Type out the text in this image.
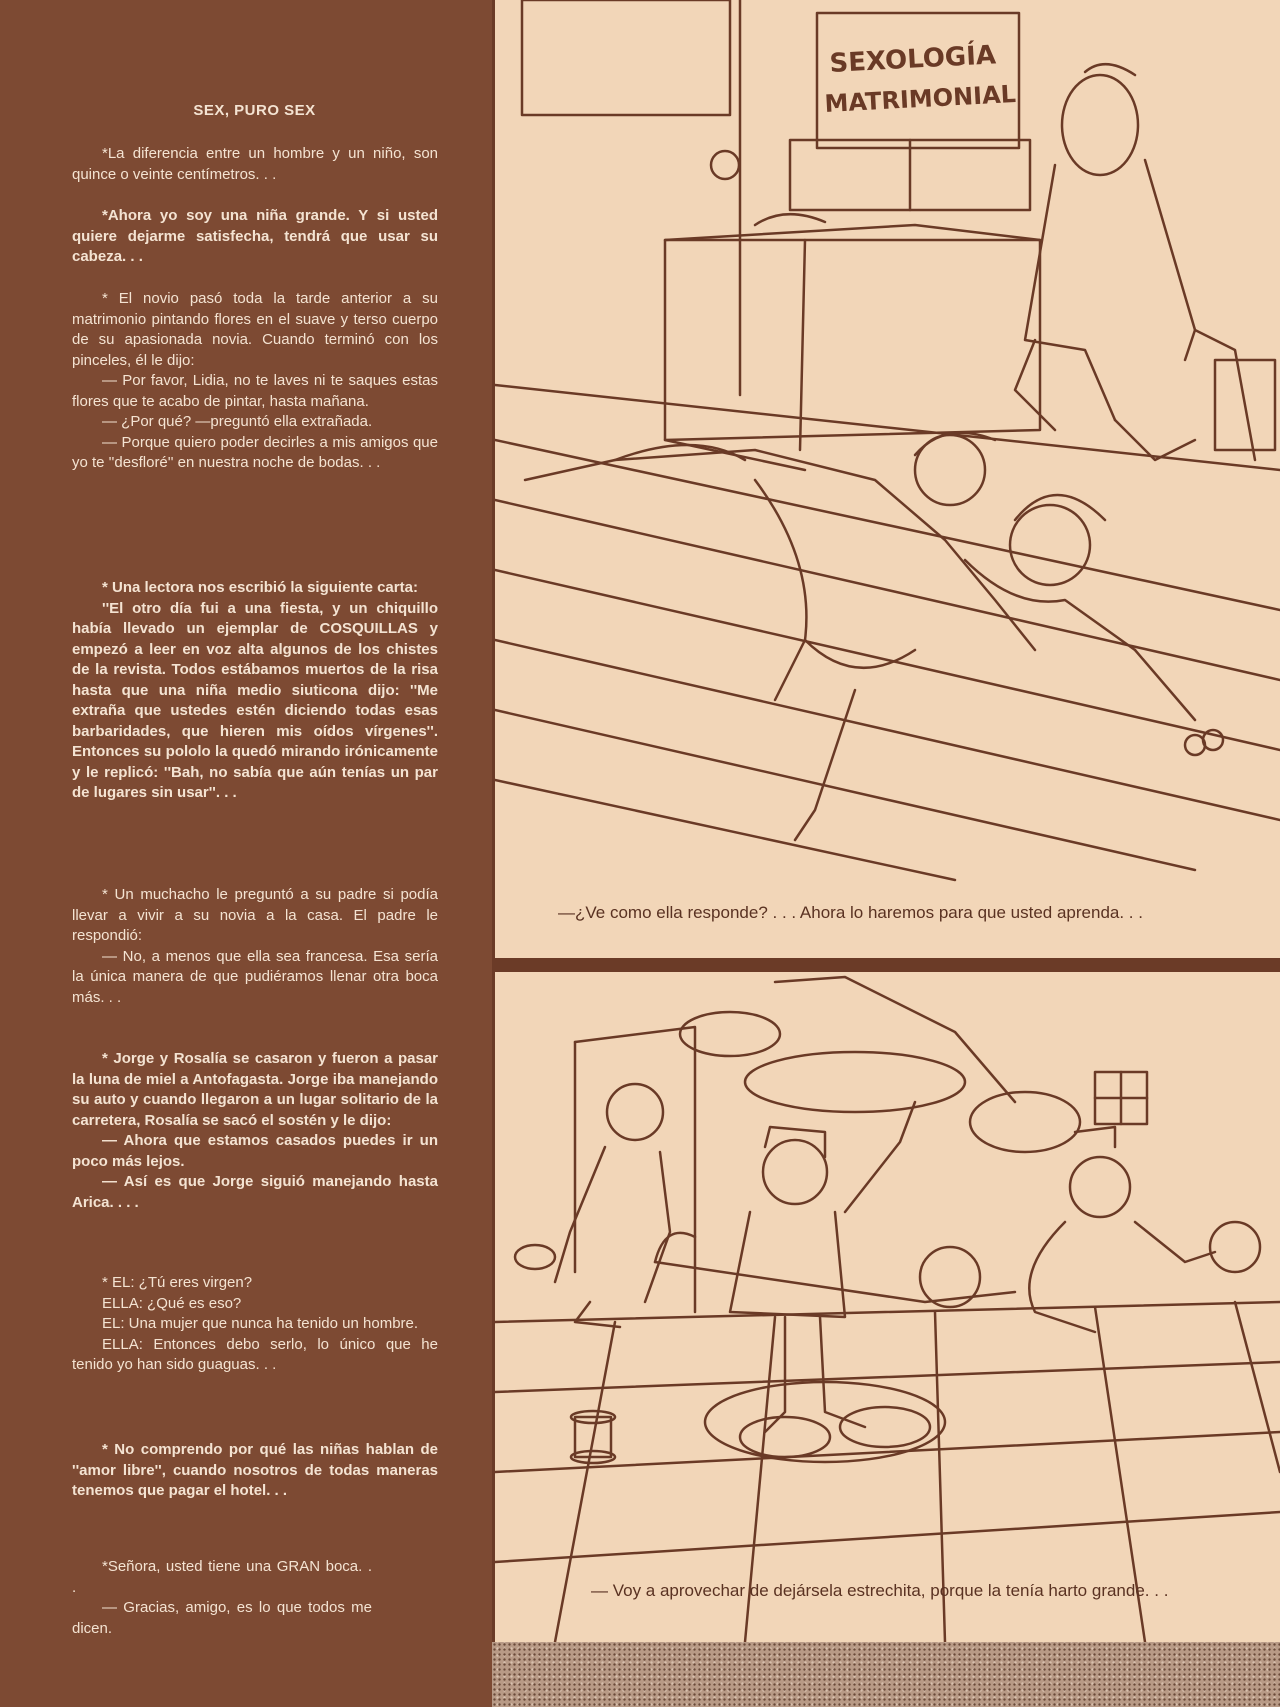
SEX, PURO SEX

*La diferencia entre un hombre y un niño, son quince o veinte centímetros. . .

*Ahora yo soy una niña grande. Y si usted quiere dejarme satisfecha, tendrá que usar su cabeza. . .

* El novio pasó toda la tarde anterior a su matrimonio pintando flores en el suave y terso cuerpo de su apasionada novia. Cuando terminó con los pinceles, él le dijo:

— Por favor, Lidia, no te laves ni te saques estas flores que te acabo de pintar, hasta mañana.

— ¿Por qué? —preguntó ella extrañada.

— Porque quiero poder decirles a mis amigos que yo te ''desfloré'' en nuestra noche de bodas. . .

* Una lectora nos escribió la siguiente carta:

''El otro día fui a una fiesta, y un chiquillo había llevado un ejemplar de COSQUILLAS y empezó a leer en voz alta algunos de los chistes de la revista. Todos estábamos muertos de la risa hasta que una niña medio siuticona dijo: ''Me extraña que ustedes estén diciendo todas esas barbaridades, que hieren mis oídos vírgenes''. Entonces su pololo la quedó mirando irónicamente y le replicó: ''Bah, no sabía que aún tenías un par de lugares sin usar''. . .

* Un muchacho le preguntó a su padre si podía llevar a vivir a su novia a la casa. El padre le respondió:

— No, a menos que ella sea francesa. Esa sería la única manera de que pudiéramos llenar otra boca más. . .

* Jorge y Rosalía se casaron y fueron a pasar la luna de miel a Antofagasta. Jorge iba manejando su auto y cuando llegaron a un lugar solitario de la carretera, Rosalía se sacó el sostén y le dijo:

— Ahora que estamos casados puedes ir un poco más lejos.

— Así es que Jorge siguió manejando hasta Arica. . . .

* EL: ¿Tú eres virgen?

ELLA: ¿Qué es eso?

EL: Una mujer que nunca ha tenido un hombre.

ELLA: Entonces debo serlo, lo único que he tenido yo han sido guaguas. . .

* No comprendo por qué las niñas hablan de ''amor libre'', cuando nosotros de todas maneras tenemos que pagar el hotel. . .

*Señora, usted tiene una GRAN boca. . .

— Gracias, amigo, es lo que todos me dicen.

SEXOLOGÍA
MATRIMONIAL
—¿Ve como ella responde? . . . Ahora lo haremos para que usted aprenda. . .
— Voy a aprovechar de dejársela estrechita, porque la tenía harto grande. . .
